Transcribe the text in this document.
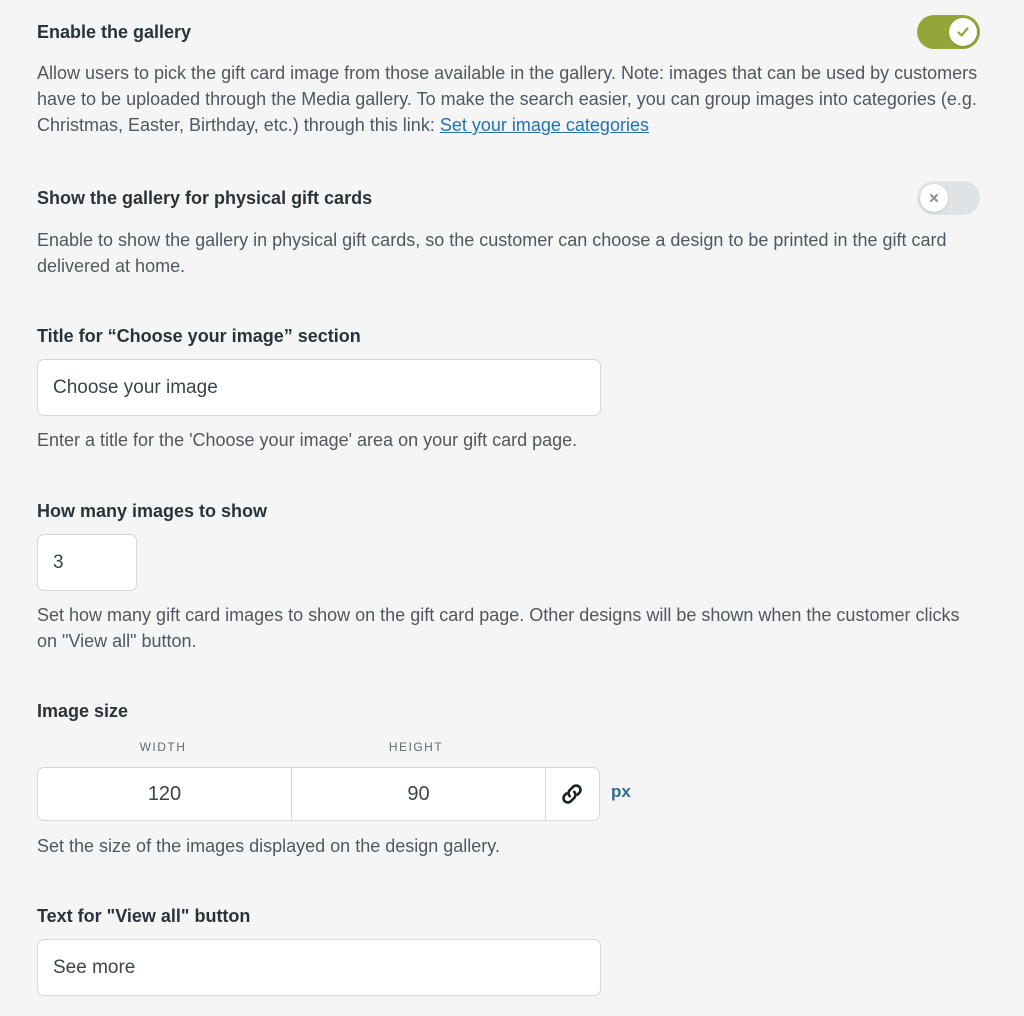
Enable the gallery
Allow users to pick the gift card image from those available in the gallery. Note: images that can be used by customers have to be uploaded through the Media gallery. To make the search easier, you can group images into categories (e.g. Christmas, Easter, Birthday, etc.) through this link: Set your image categories
Show the gallery for physical gift cards
Enable to show the gallery in physical gift cards, so the customer can choose a design to be printed in the gift card delivered at home.
Title for “Choose your image” section
Choose your image
Enter a title for the 'Choose your image' area on your gift card page.
How many images to show
3
Set how many gift card images to show on the gift card page. Other designs will be shown when the customer clicks on "View all" button.
Image size
WIDTH	HEIGHT
120
90
px
Set the size of the images displayed on the design gallery.
Text for "View all" button
See more
